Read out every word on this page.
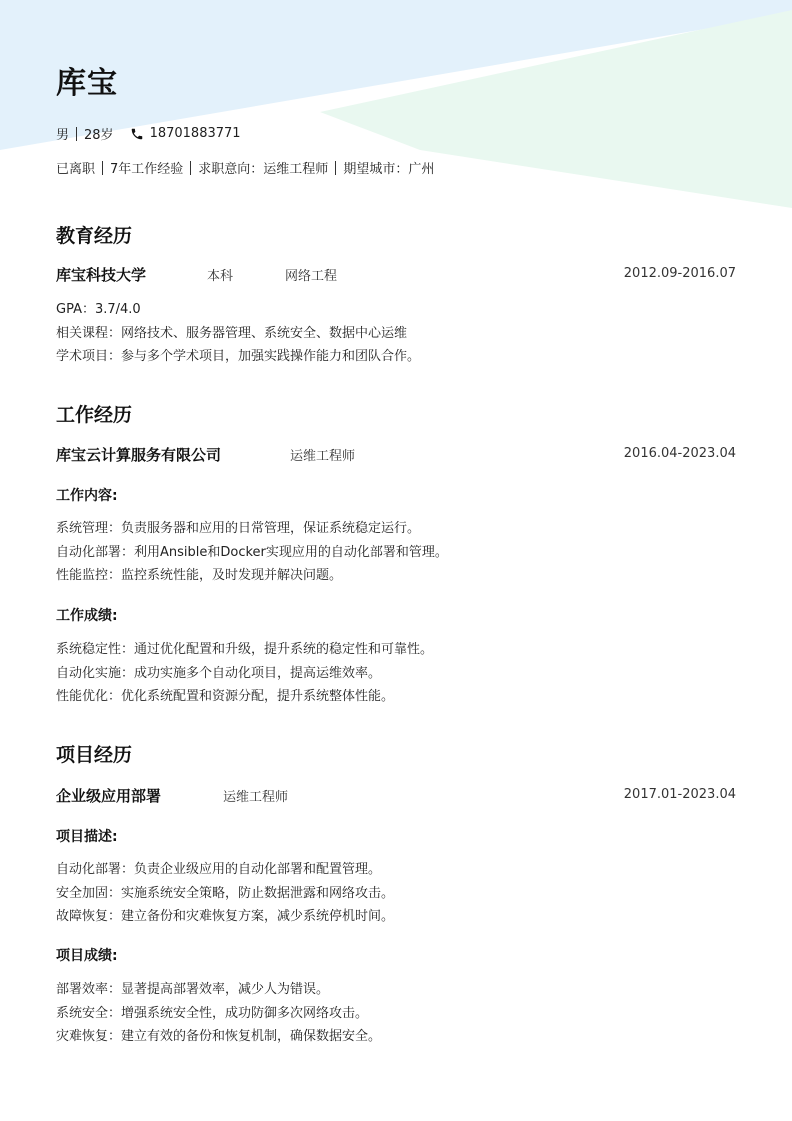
库宝
男 28岁	18701883771
已离职 7年工作经验 求职意向：运维工程师 期望城市：广州
教育经历
库宝科技大学	本科	网络工程	2012.09-2016.07
GPA：3.7/4.0
相关课程：网络技术、服务器管理、系统安全、数据中心运维
学术项目：参与多个学术项目，加强实践操作能力和团队合作。
工作经历
库宝云计算服务有限公司	运维工程师	2016.04-2023.04
工作内容:
系统管理：负责服务器和应用的日常管理，保证系统稳定运行。
自动化部署：利用Ansible和Docker实现应用的自动化部署和管理。
性能监控：监控系统性能，及时发现并解决问题。
工作成绩:
系统稳定性：通过优化配置和升级，提升系统的稳定性和可靠性。
自动化实施：成功实施多个自动化项目，提高运维效率。
性能优化：优化系统配置和资源分配，提升系统整体性能。
项目经历
企业级应用部署	运维工程师	2017.01-2023.04
项目描述:
自动化部署：负责企业级应用的自动化部署和配置管理。
安全加固：实施系统安全策略，防止数据泄露和网络攻击。
故障恢复：建立备份和灾难恢复方案，减少系统停机时间。
项目成绩:
部署效率：显著提高部署效率，减少人为错误。
系统安全：增强系统安全性，成功防御多次网络攻击。
灾难恢复：建立有效的备份和恢复机制，确保数据安全。
